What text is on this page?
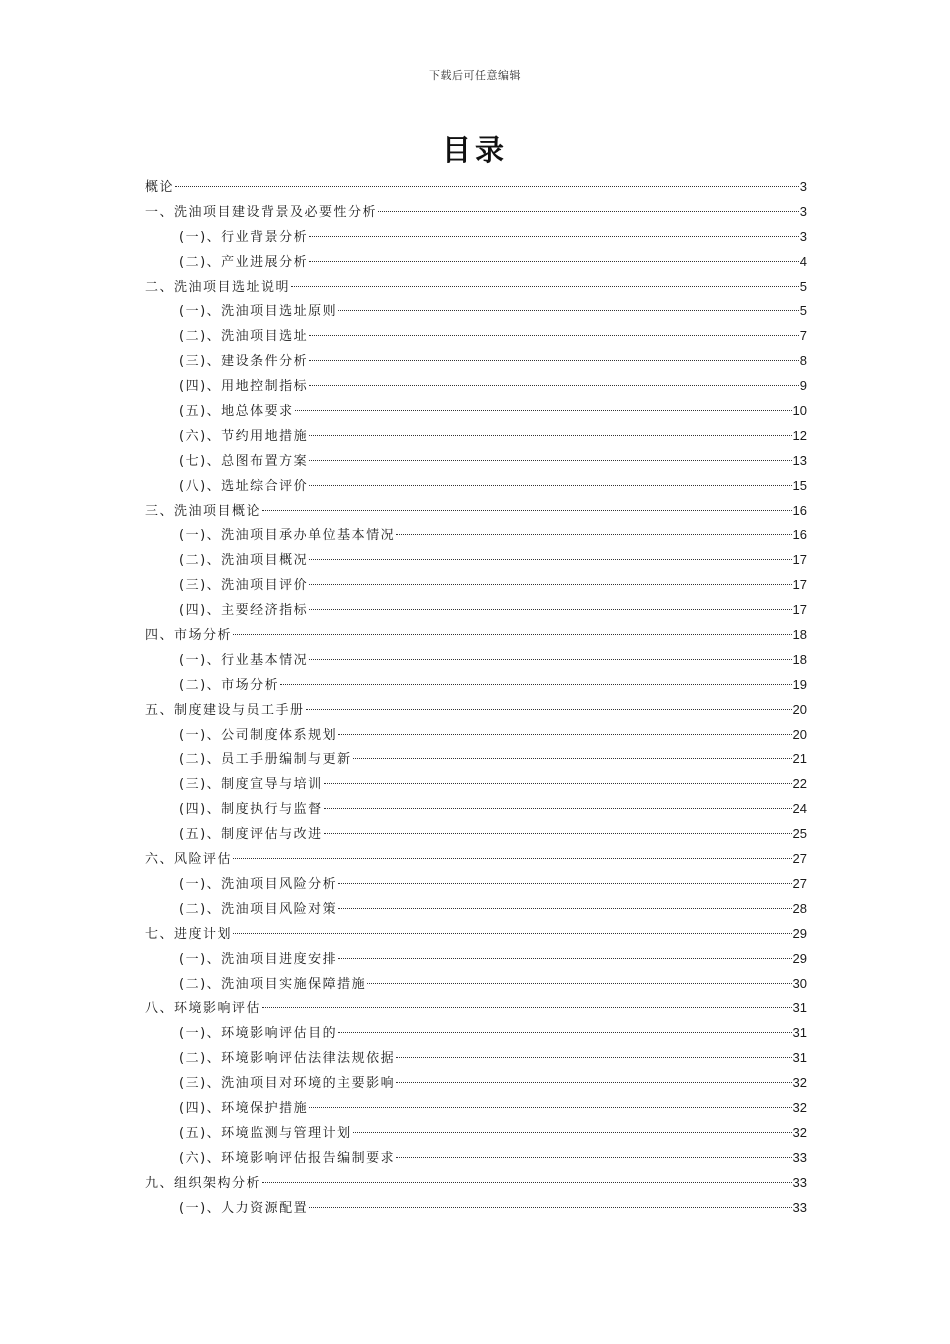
下载后可任意编辑
目录
概论	3
一、洗油项目建设背景及必要性分析	3
(一)、行业背景分析	3
(二)、产业进展分析	4
二、洗油项目选址说明	5
(一)、洗油项目选址原则	5
(二)、洗油项目选址	7
(三)、建设条件分析	8
(四)、用地控制指标	9
(五)、地总体要求	10
(六)、节约用地措施	12
(七)、总图布置方案	13
(八)、选址综合评价	15
三、洗油项目概论	16
(一)、洗油项目承办单位基本情况	16
(二)、洗油项目概况	17
(三)、洗油项目评价	17
(四)、主要经济指标	17
四、市场分析	18
(一)、行业基本情况	18
(二)、市场分析	19
五、制度建设与员工手册	20
(一)、公司制度体系规划	20
(二)、员工手册编制与更新	21
(三)、制度宣导与培训	22
(四)、制度执行与监督	24
(五)、制度评估与改进	25
六、风险评估	27
(一)、洗油项目风险分析	27
(二)、洗油项目风险对策	28
七、进度计划	29
(一)、洗油项目进度安排	29
(二)、洗油项目实施保障措施	30
八、环境影响评估	31
(一)、环境影响评估目的	31
(二)、环境影响评估法律法规依据	31
(三)、洗油项目对环境的主要影响	32
(四)、环境保护措施	32
(五)、环境监测与管理计划	32
(六)、环境影响评估报告编制要求	33
九、组织架构分析	33
(一)、人力资源配置	33
